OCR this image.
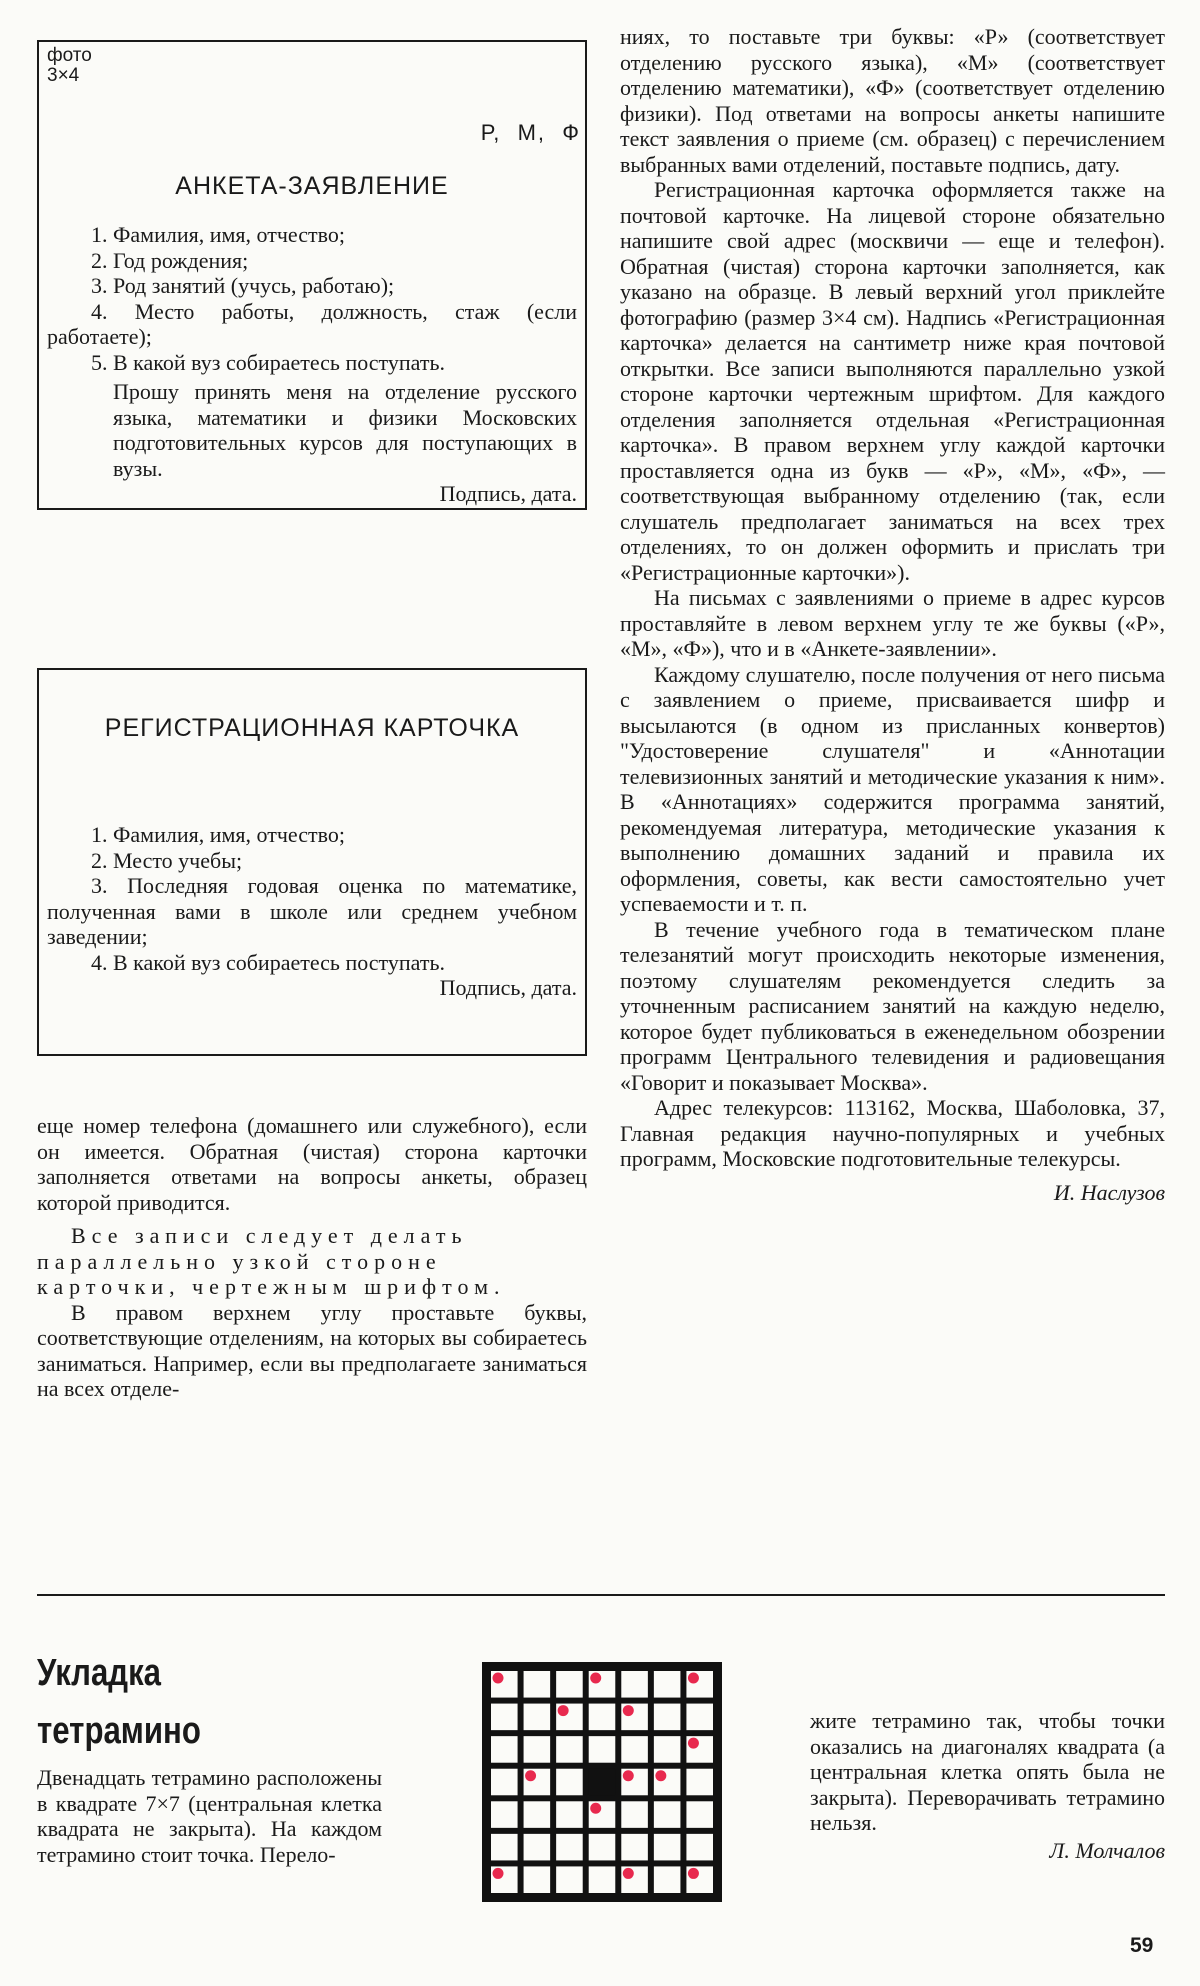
фото
3×4
Р,  М,  Ф
АНКЕТА-ЗАЯВЛЕНИЕ
1. Фамилия, имя, отчество;
2. Год рождения;
3. Род занятий (учусь, работаю);
4. Место работы, должность, стаж (если работаете);
5. В какой вуз собираетесь поступать.

Прошу принять меня на отделение русского языка, математики и физики Московских подготовительных курсов для поступающих в вузы.

Подпись, дата.
РЕГИСТРАЦИОННАЯ КАРТОЧКА
1. Фамилия, имя, отчество;
2. Место учебы;
3. Последняя годовая оценка по математике, полученная вами в школе или среднем учебном заведении;
4. В какой вуз собираетесь поступать.
Подпись, дата.

еще номер телефона (домашнего или служебного), если он имеется. Обратная (чистая) сторона карточки заполняется ответами на вопросы анкеты, образец которой приводится.

Все записи следует делать параллельно узкой стороне карточки, чертежным шрифтом.

В правом верхнем углу проставьте буквы, соответствующие отделениям, на которых вы собираетесь заниматься. Например, если вы предполагаете заниматься на всех отделе-

ниях, то поставьте три буквы: «Р» (соответствует отделению русского языка), «М» (соответствует отделению математики), «Ф» (соответствует отделению физики). Под ответами на вопросы анкеты напишите текст заявления о приеме (см. образец) с перечислением выбранных вами отделений, поставьте подпись, дату.

Регистрационная карточка оформляется также на почтовой карточке. На лицевой стороне обязательно напишите свой адрес (москвичи — еще и телефон). Обратная (чистая) сторона карточки заполняется, как указано на образце. В левый верхний угол приклейте фотографию (размер 3×4 см). Надпись «Регистрационная карточка» делается на сантиметр ниже края почтовой открытки. Все записи выполняются параллельно узкой стороне карточки чертежным шрифтом. Для каждого отделения заполняется отдельная «Регистрационная карточка». В правом верхнем углу каждой карточки проставляется одна из букв — «Р», «М», «Ф», — соответствующая выбранному отделению (так, если слушатель предполагает заниматься на всех трех отделениях, то он должен оформить и прислать три «Регистрационные карточки»).

На письмах с заявлениями о приеме в адрес курсов проставляйте в левом верхнем углу те же буквы («Р», «М», «Ф»), что и в «Анкете-заявлении».

Каждому слушателю, после получения от него письма с заявлением о приеме, присваивается шифр и высылаются (в одном из присланных конвертов) "Удостоверение слушателя" и «Аннотации телевизионных занятий и методические указания к ним». В «Аннотациях» содержится программа занятий, рекомендуемая литература, методические указания к выполнению домашних заданий и правила их оформления, советы, как вести самостоятельно учет успеваемости и т. п.

В течение учебного года в тематическом плане телезанятий могут происходить некоторые изменения, поэтому слушателям рекомендуется следить за уточненным расписанием занятий на каждую неделю, которое будет публиковаться в еженедельном обозрении программ Центрального телевидения и радиовещания «Говорит и показывает Москва».

Адрес телекурсов: 113162, Москва, Шаболовка, 37, Главная редакция научно-популярных и учебных программ, Московские подготовительные телекурсы.

И. Наслузов
Укладка
тетрамино

Двенадцать тетрамино расположены в квадрате 7×7 (центральная клетка квадрата не закрыта). На каждом тетрамино стоит точка. Перело-

жите тетрамино так, чтобы точки оказались на диагоналях квадрата (а центральная клетка опять была не закрыта). Переворачивать тетрамино нельзя.

Л. Молчалов
59
